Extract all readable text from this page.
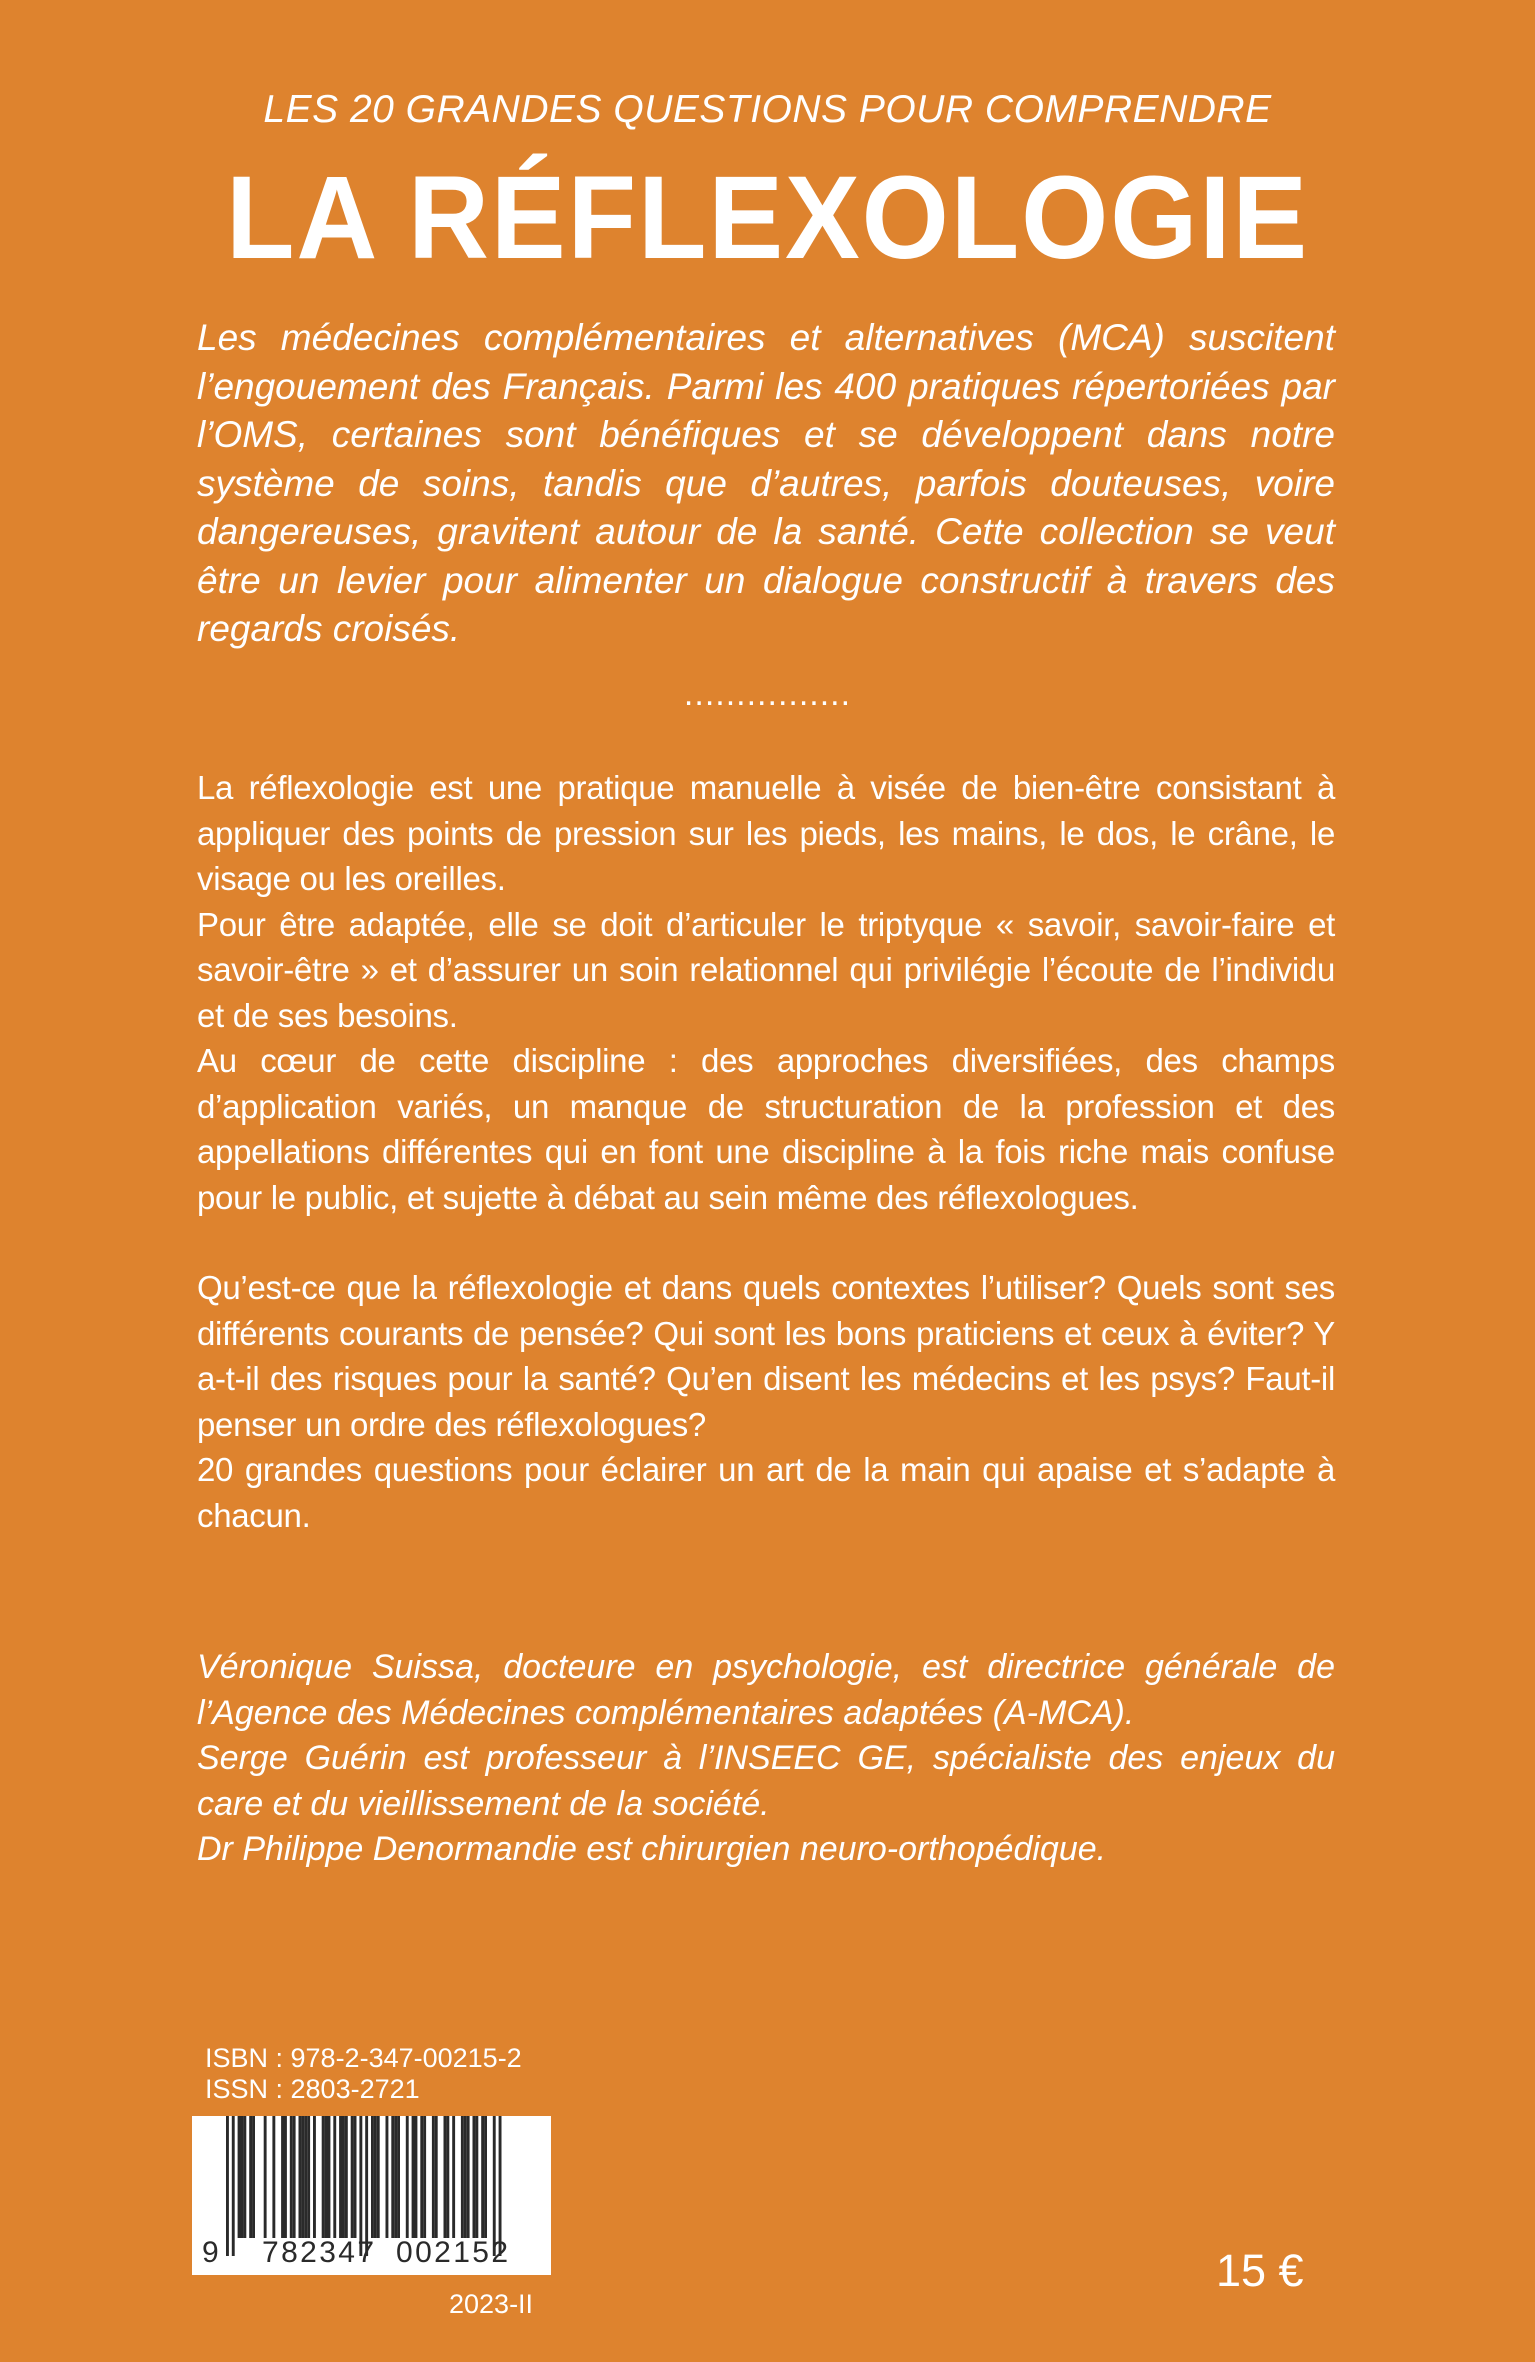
LES 20 GRANDES QUESTIONS POUR COMPRENDRE
LA RÉFLEXOLOGIE
Les médecines complémentaires et alternatives (MCA) suscitent l’engouement des Français. Parmi les 400 pratiques répertoriées par l’OMS, certaines sont bénéfiques et se développent dans notre système de soins, tandis que d’autres, parfois douteuses, voire dangereuses, gravitent autour de la santé. Cette collection se veut être un levier pour alimenter un dialogue constructif à travers des regards croisés.
................

La réflexologie est une pratique manuelle à visée de bien-être consistant à appliquer des points de pression sur les pieds, les mains, le dos, le crâne, le visage ou les oreilles.

Pour être adaptée, elle se doit d’articuler le triptyque « savoir, savoir-faire et savoir-être » et d’assurer un soin relationnel qui privilégie l’écoute de l’individu et de ses besoins.

Au cœur de cette discipline : des approches diversifiées, des champs d’application variés, un manque de structuration de la profession et des appellations différentes qui en font une discipline à la fois riche mais confuse pour le public, et sujette à débat au sein même des réflexologues.

Qu’est-ce que la réflexologie et dans quels contextes l’utiliser? Quels sont ses différents courants de pensée? Qui sont les bons praticiens et ceux à éviter? Y a-t-il des risques pour la santé? Qu’en disent les médecins et les psys? Faut-il penser un ordre des réflexologues?

20 grandes questions pour éclairer un art de la main qui apaise et s’adapte à chacun.

Véronique Suissa, docteure en psychologie, est directrice générale de l’Agence des Médecines complémentaires adaptées (A-MCA).

Serge Guérin est professeur à l’INSEEC GE, spécialiste des enjeux du care et du vieillissement de la société.

Dr Philippe Denormandie est chirurgien neuro-orthopédique.

ISBN : 978-2-347-00215-2
ISSN : 2803-2721
9 782347 002152
2023-II
15 €
